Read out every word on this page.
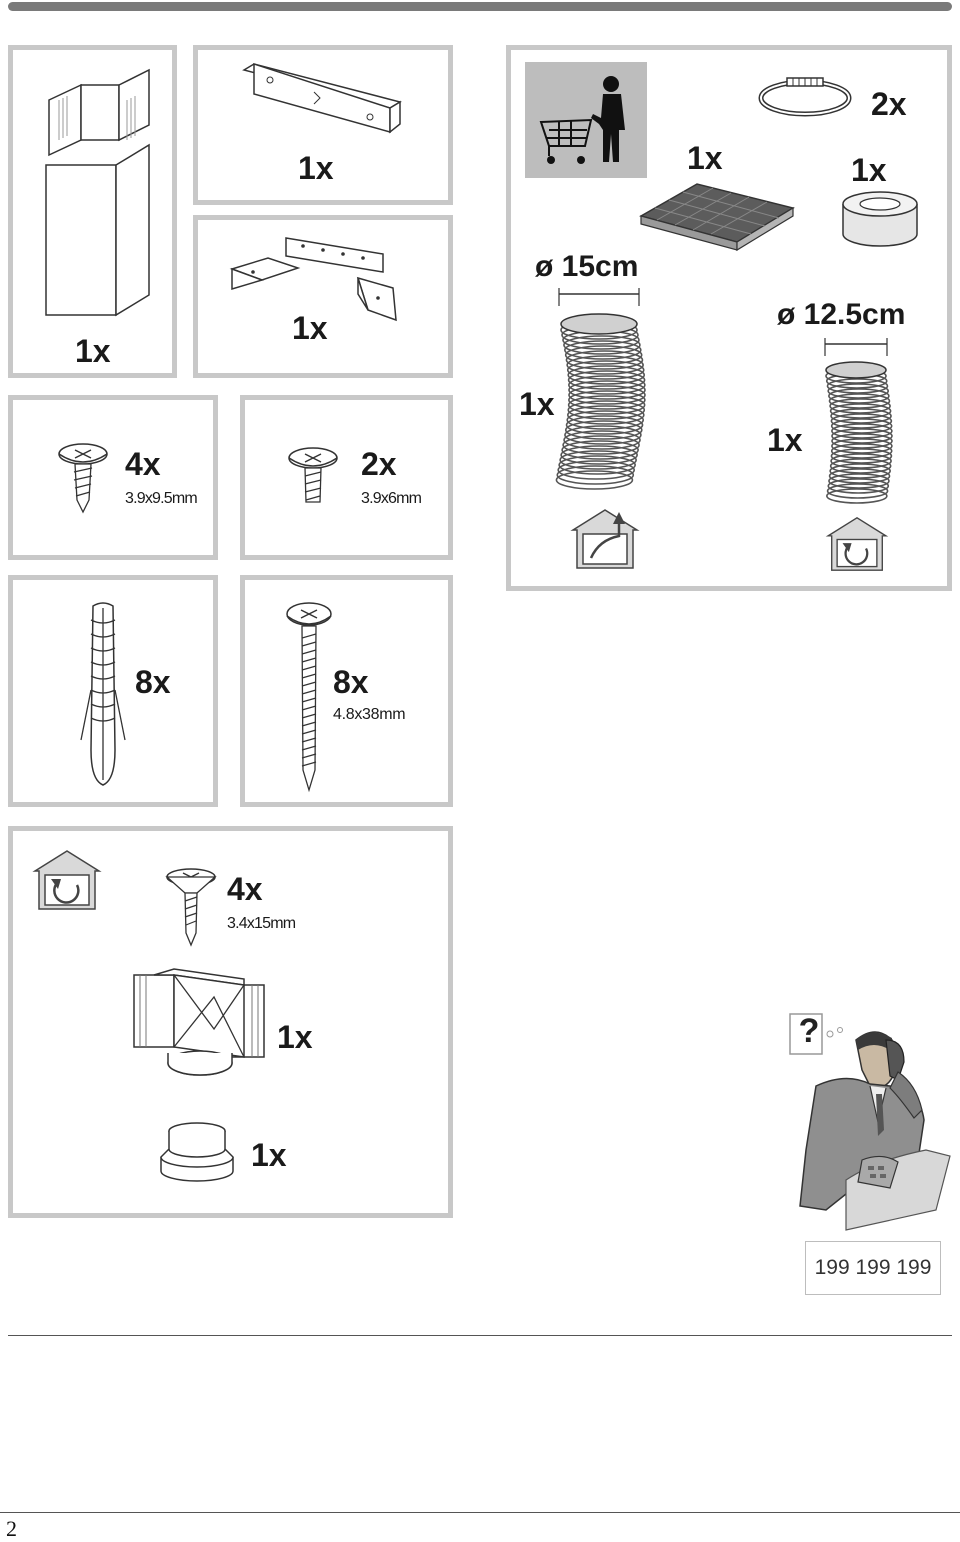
1x
1x
1x
4x
3.9x9.5mm
2x
3.9x6mm
8x	8x
4.8x38mm
4x
3.4x15mm
1x
1x
2x
1x	1x
ø 15cm
1x
ø 12.5cm
1x
?
199 199 199
2
